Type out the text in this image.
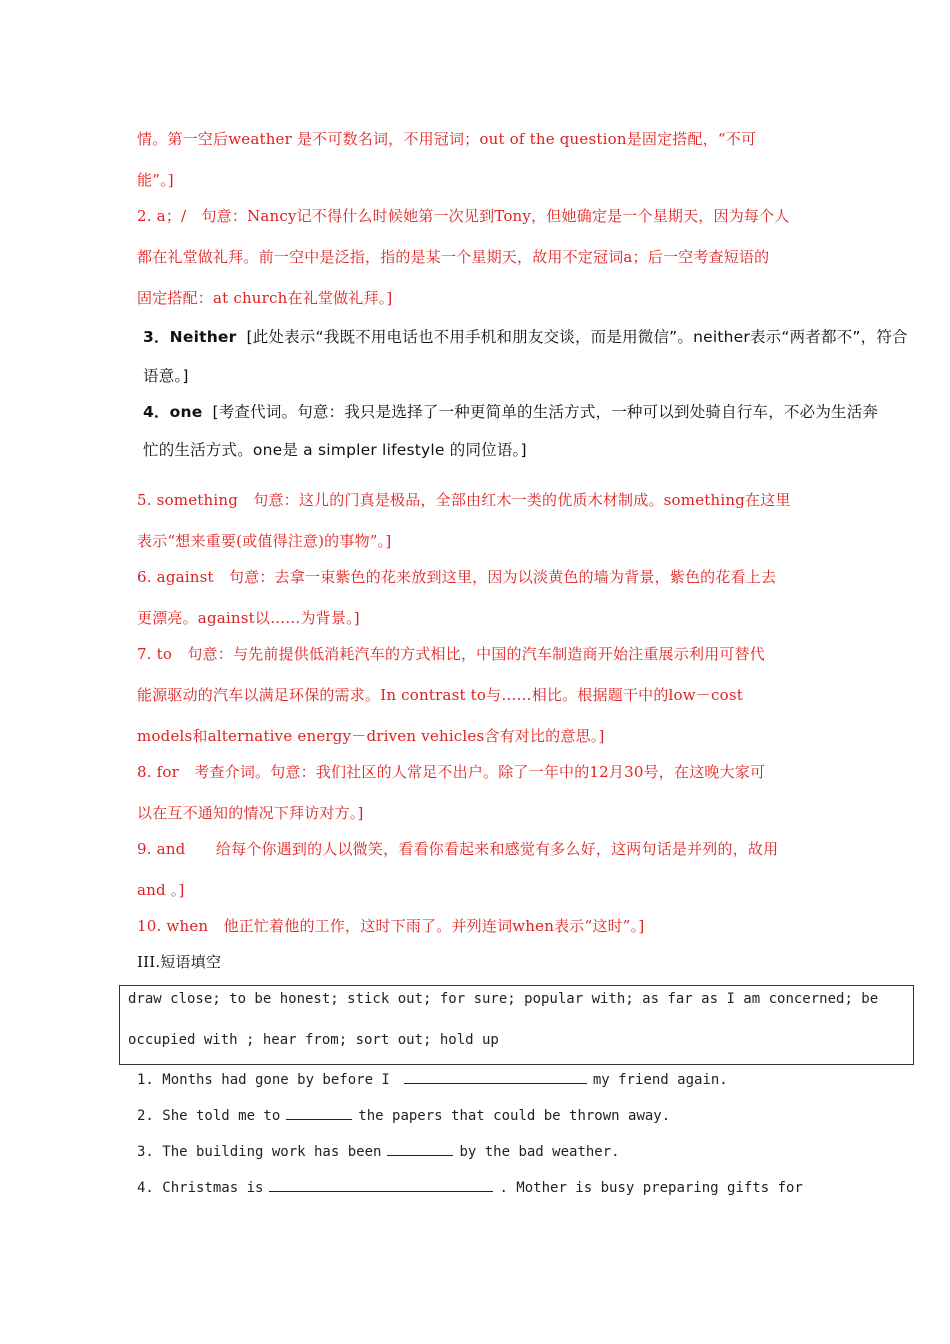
情。第一空后weather 是不可数名词，不用冠词；out of the question是固定搭配，“不可
能”。]
2. a；/　句意：Nancy记不得什么时候她第一次见到Tony，但她确定是一个星期天，因为每个人
都在礼堂做礼拜。前一空中是泛指，指的是某一个星期天，故用不定冠词a；后一空考查短语的
固定搭配：at church在礼堂做礼拜。]
3．Neither [此处表示“我既不用电话也不用手机和朋友交谈，而是用微信”。neither表示“两者都不”，符合
语意。]
4．one [考查代词。句意：我只是选择了一种更简单的生活方式，一种可以到处骑自行车，不必为生活奔
忙的生活方式。one是 a simpler lifestyle 的同位语。]
5. something　句意：这儿的门真是极品，全部由红木一类的优质木材制成。something在这里
表示“想来重要(或值得注意)的事物”。]
6. against　句意：去拿一束紫色的花来放到这里，因为以淡黄色的墙为背景，紫色的花看上去
更漂亮。against以……为背景。]
7. to　句意：与先前提供低消耗汽车的方式相比，中国的汽车制造商开始注重展示利用可替代
能源驱动的汽车以满足环保的需求。In contrast to与……相比。根据题干中的low－cost
models和alternative energy－driven vehicles含有对比的意思。]
8. for　考查介词。句意：我们社区的人常足不出户。除了一年中的12月30号，在这晚大家可
以在互不通知的情况下拜访对方。]
9. and　　给每个你遇到的人以微笑，看看你看起来和感觉有多么好，这两句话是并列的，故用
and 。]
10. when　他正忙着他的工作，这时下雨了。并列连词when表示“这时”。]
III.短语填空
draw close; to be honest; stick out; for sure; popular with; as far as I am concerned; be
occupied with ; hear from; sort out; hold up
1. Months had gone by before I	my friend again.
2. She told me to	the papers that could be thrown away.
3. The building work has been	by the bad weather.
4. Christmas is	. Mother is busy preparing gifts for
